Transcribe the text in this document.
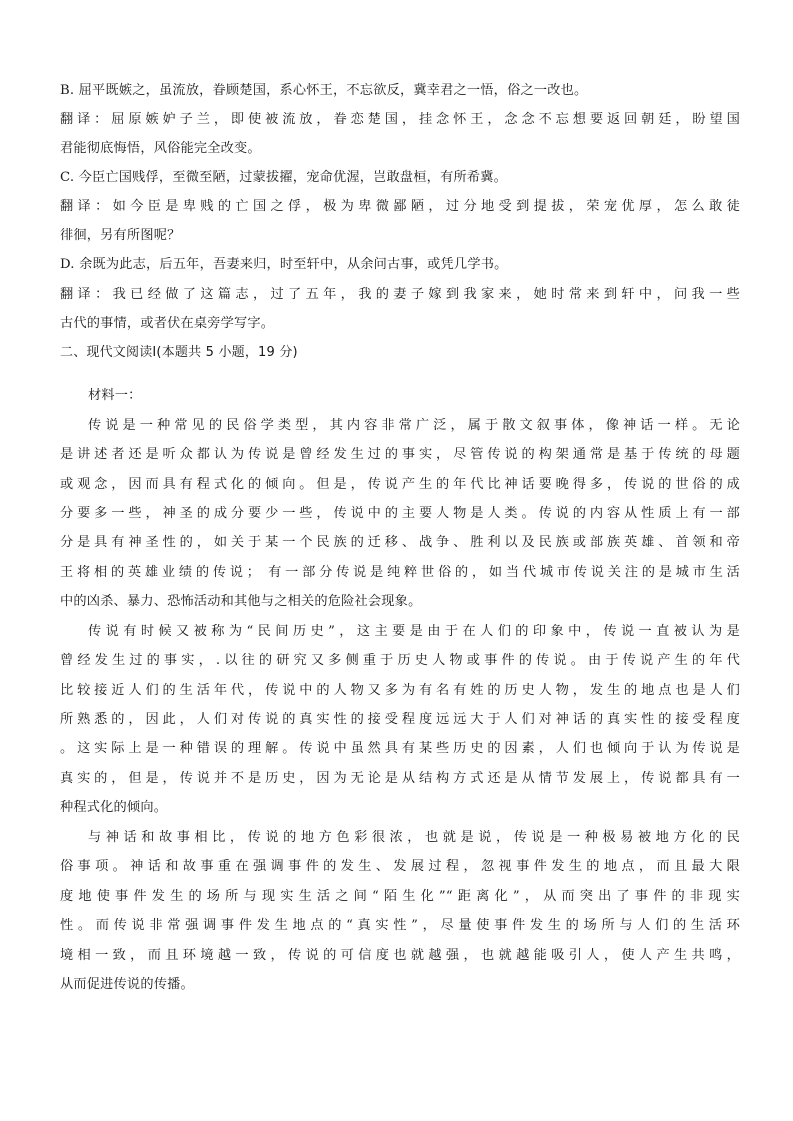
B. 屈平既嫉之，虽流放，眷顾楚国，系心怀王，不忘欲反，冀幸君之一悟，俗之一改也。
翻译：屈原嫉妒子兰，即使被流放，眷恋楚国，挂念怀王，念念不忘想要返回朝廷，盼望国
君能彻底悔悟，风俗能完全改变。
C. 今臣亡国贱俘，至微至陋，过蒙拔擢，宠命优渥，岂敢盘桓，有所希冀。
翻译：如今臣是卑贱的亡国之俘，极为卑微鄙陋，过分地受到提拔，荣宠优厚，怎么敢徒
徘徊，另有所图呢？
D. 余既为此志，后五年，吾妻来归，时至轩中，从余问古事，或凭几学书。
翻译：我已经做了这篇志，过了五年，我的妻子嫁到我家来，她时常来到轩中，问我一些
古代的事情，或者伏在桌旁学写字。
二、现代文阅读Ⅰ(本题共 5 小题，19 分)
材料一：
传说是一种常见的民俗学类型，其内容非常广泛，属于散文叙事体，像神话一样。无论
是讲述者还是听众都认为传说是曾经发生过的事实，尽管传说的构架通常是基于传统的母题
或观念，因而具有程式化的倾向。但是，传说产生的年代比神话要晚得多，传说的世俗的成
分要多一些，神圣的成分要少一些，传说中的主要人物是人类。传说的内容从性质上有一部
分是具有神圣性的，如关于某一个民族的迁移、战争、胜利以及民族或部族英雄、首领和帝
王将相的英雄业绩的传说； 有一部分传说是纯粹世俗的，如当代城市传说关注的是城市生活
中的凶杀、暴力、恐怖活动和其他与之相关的危险社会现象。
传说有时候又被称为“民间历史”，这主要是由于在人们的印象中，传说一直被认为是
曾经发生过的事实，.以往的研究又多侧重于历史人物或事件的传说。由于传说产生的年代
比较接近人们的生活年代，传说中的人物又多为有名有姓的历史人物，发生的地点也是人们
所熟悉的，因此，人们对传说的真实性的接受程度远远大于人们对神话的真实性的接受程度
。这实际上是一种错误的理解。传说中虽然具有某些历史的因素，人们也倾向于认为传说是
真实的，但是，传说并不是历史，因为无论是从结构方式还是从情节发展上，传说都具有一
种程式化的倾向。
与神话和故事相比，传说的地方色彩很浓，也就是说，传说是一种极易被地方化的民
俗事项。神话和故事重在强调事件的发生、发展过程，忽视事件发生的地点，而且最大限
度地使事件发生的场所与现实生活之间“陌生化”“距离化”，从而突出了事件的非现实
性。而传说非常强调事件发生地点的“真实性”，尽量使事件发生的场所与人们的生活环
境相一致，而且环境越一致，传说的可信度也就越强，也就越能吸引人，使人产生共鸣，
从而促进传说的传播。
